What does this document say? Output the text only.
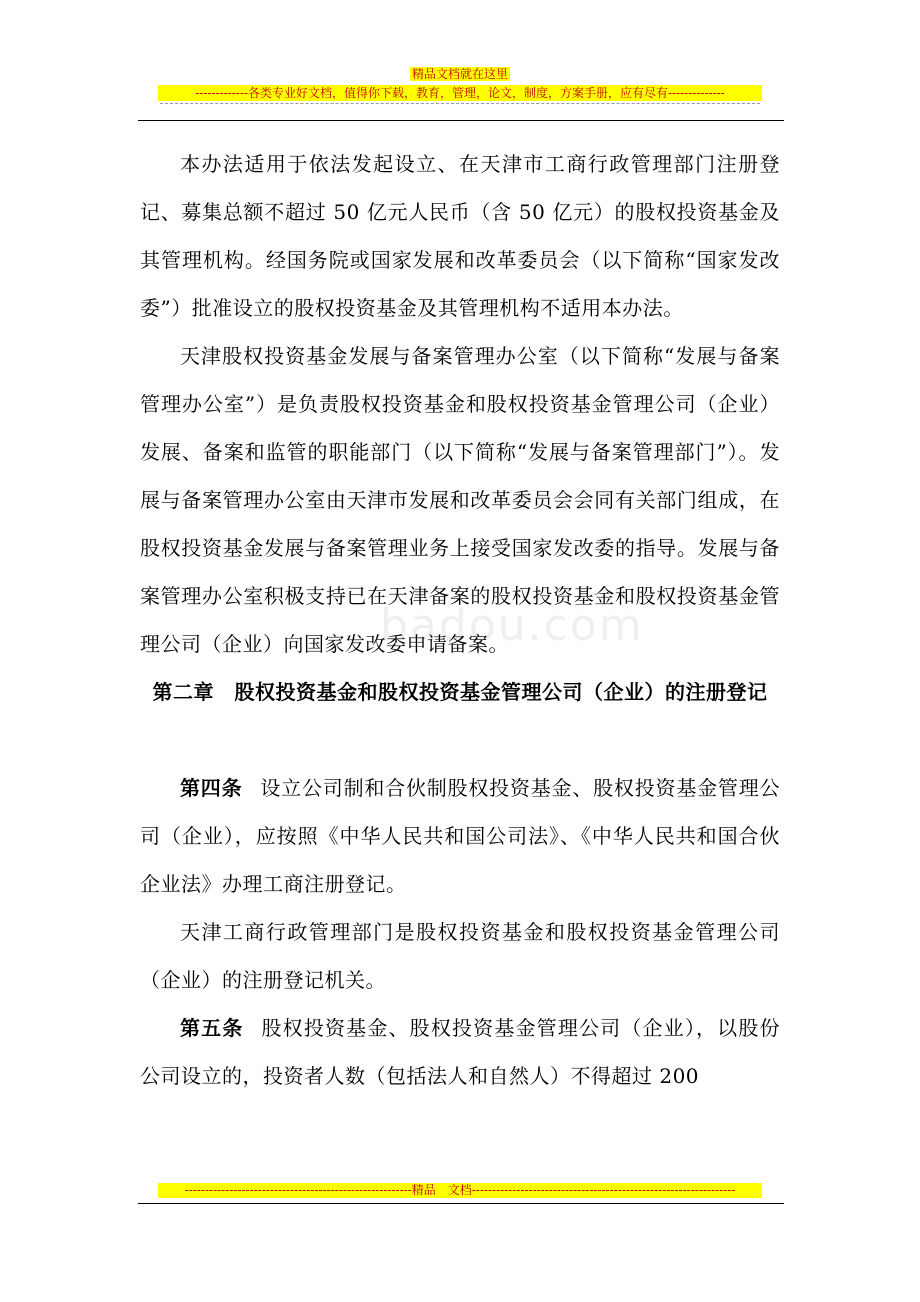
精品文档就在这里
-------------各类专业好文档，值得你下载，教育，管理，论文，制度，方案手册，应有尽有--------------
badou.com

本办法适用于依法发起设立、在天津市工商行政管理部门注册登记、募集总额不超过 50 亿元人民币（含 50 亿元）的股权投资基金及其管理机构。经国务院或国家发展和改革委员会（以下简称“国家发改委”）批准设立的股权投资基金及其管理机构不适用本办法。

天津股权投资基金发展与备案管理办公室（以下简称“发展与备案管理办公室”）是负责股权投资基金和股权投资基金管理公司（企业）发展、备案和监管的职能部门（以下简称“发展与备案管理部门”）。发展与备案管理办公室由天津市发展和改革委员会会同有关部门组成，在股权投资基金发展与备案管理业务上接受国家发改委的指导。发展与备案管理办公室积极支持已在天津备案的股权投资基金和股权投资基金管理公司（企业）向国家发改委申请备案。

第二章　股权投资基金和股权投资基金管理公司（企业）的注册登记

第四条 设立公司制和合伙制股权投资基金、股权投资基金管理公司（企业），应按照《中华人民共和国公司法》、《中华人民共和国合伙企业法》办理工商注册登记。

天津工商行政管理部门是股权投资基金和股权投资基金管理公司（企业）的注册登记机关。

第五条 股权投资基金、股权投资基金管理公司（企业），以股份公司设立的，投资者人数（包括法人和自然人）不得超过 200

--------------------------------------------------------精品　文档-----------------------------------------------------------------
